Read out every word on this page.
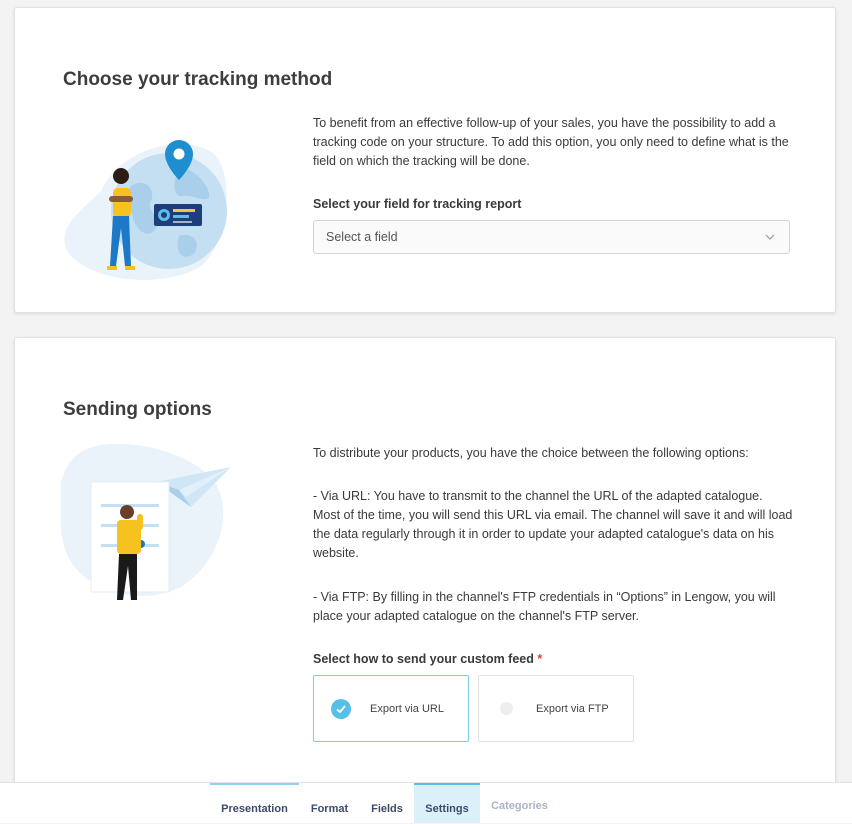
Choose your tracking method

To benefit from an effective follow-up of your sales, you have the possibility to add a tracking code on your structure. To add this option, you only need to define what is the field on which the tracking will be done.

Select your field for tracking report

Select a field
Sending options

To distribute your products, you have the choice between the following options:

- Via URL: You have to transmit to the channel the URL of the adapted catalogue. Most of the time, you will send this URL via email. The channel will save it and will load the data regularly through it in order to update your adapted catalogue's data on his website.

- Via FTP: By filling in the channel's FTP credentials in “Options” in Lengow, you will place your adapted catalogue on the channel's FTP server.

Select how to send your custom feed *

Export via URL	Export via FTP
Presentation	Format	Fields	Settings	Categories
